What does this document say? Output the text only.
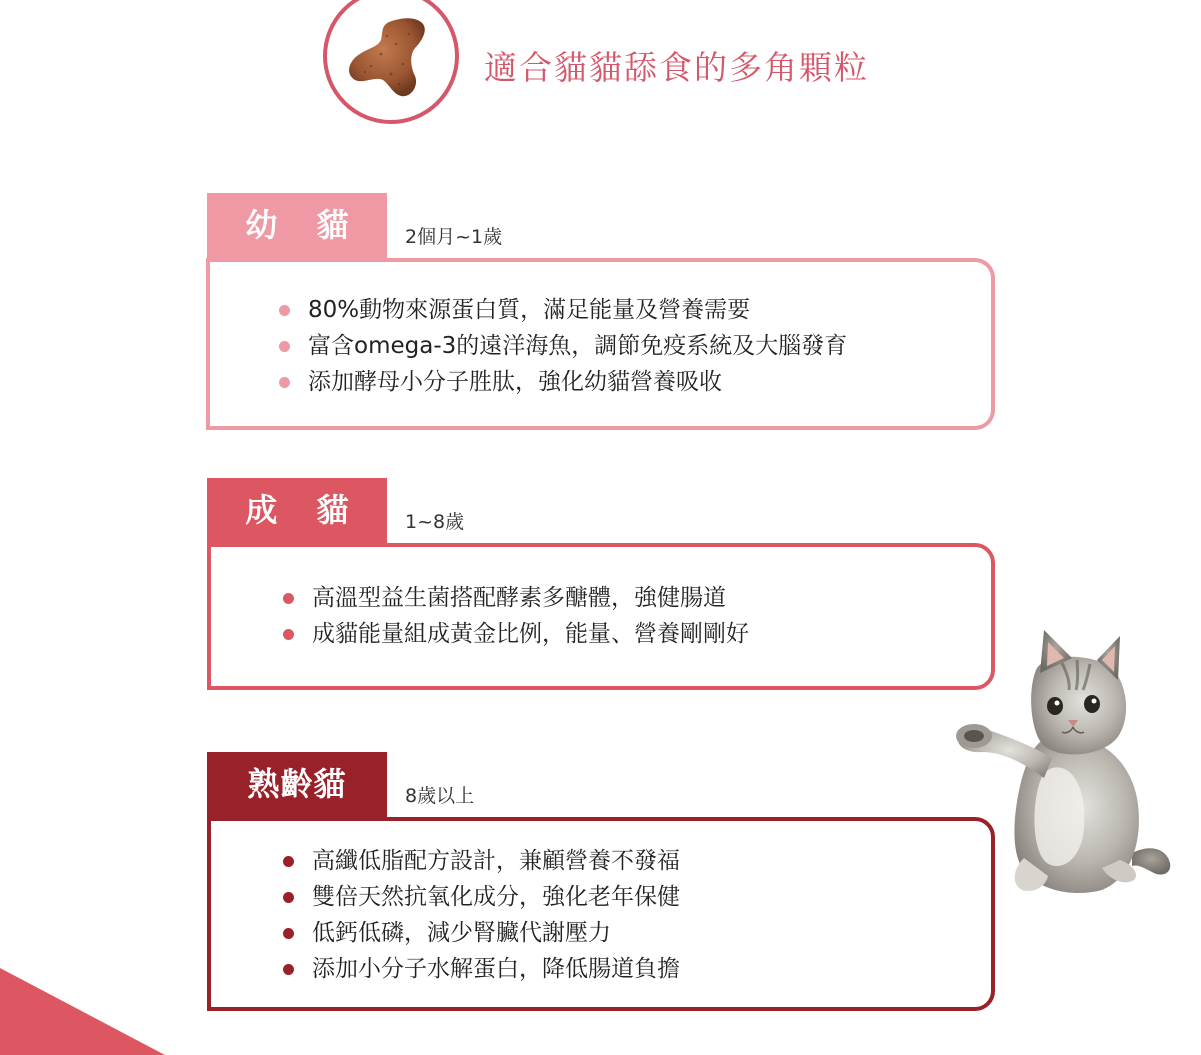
適合貓貓舔食的多角顆粒
幼 貓	2個月~1歲
80%動物來源蛋白質，滿足能量及營養需要
富含omega-3的遠洋海魚，調節免疫系統及大腦發育
添加酵母小分子胜肽，強化幼貓營養吸收
成 貓	1~8歲
高溫型益生菌搭配酵素多醣體，強健腸道
成貓能量組成黃金比例，能量、營養剛剛好
熟齡貓	8歲以上
高纖低脂配方設計，兼顧營養不發福
雙倍天然抗氧化成分，強化老年保健
低鈣低磷，減少腎臟代謝壓力
添加小分子水解蛋白，降低腸道負擔
